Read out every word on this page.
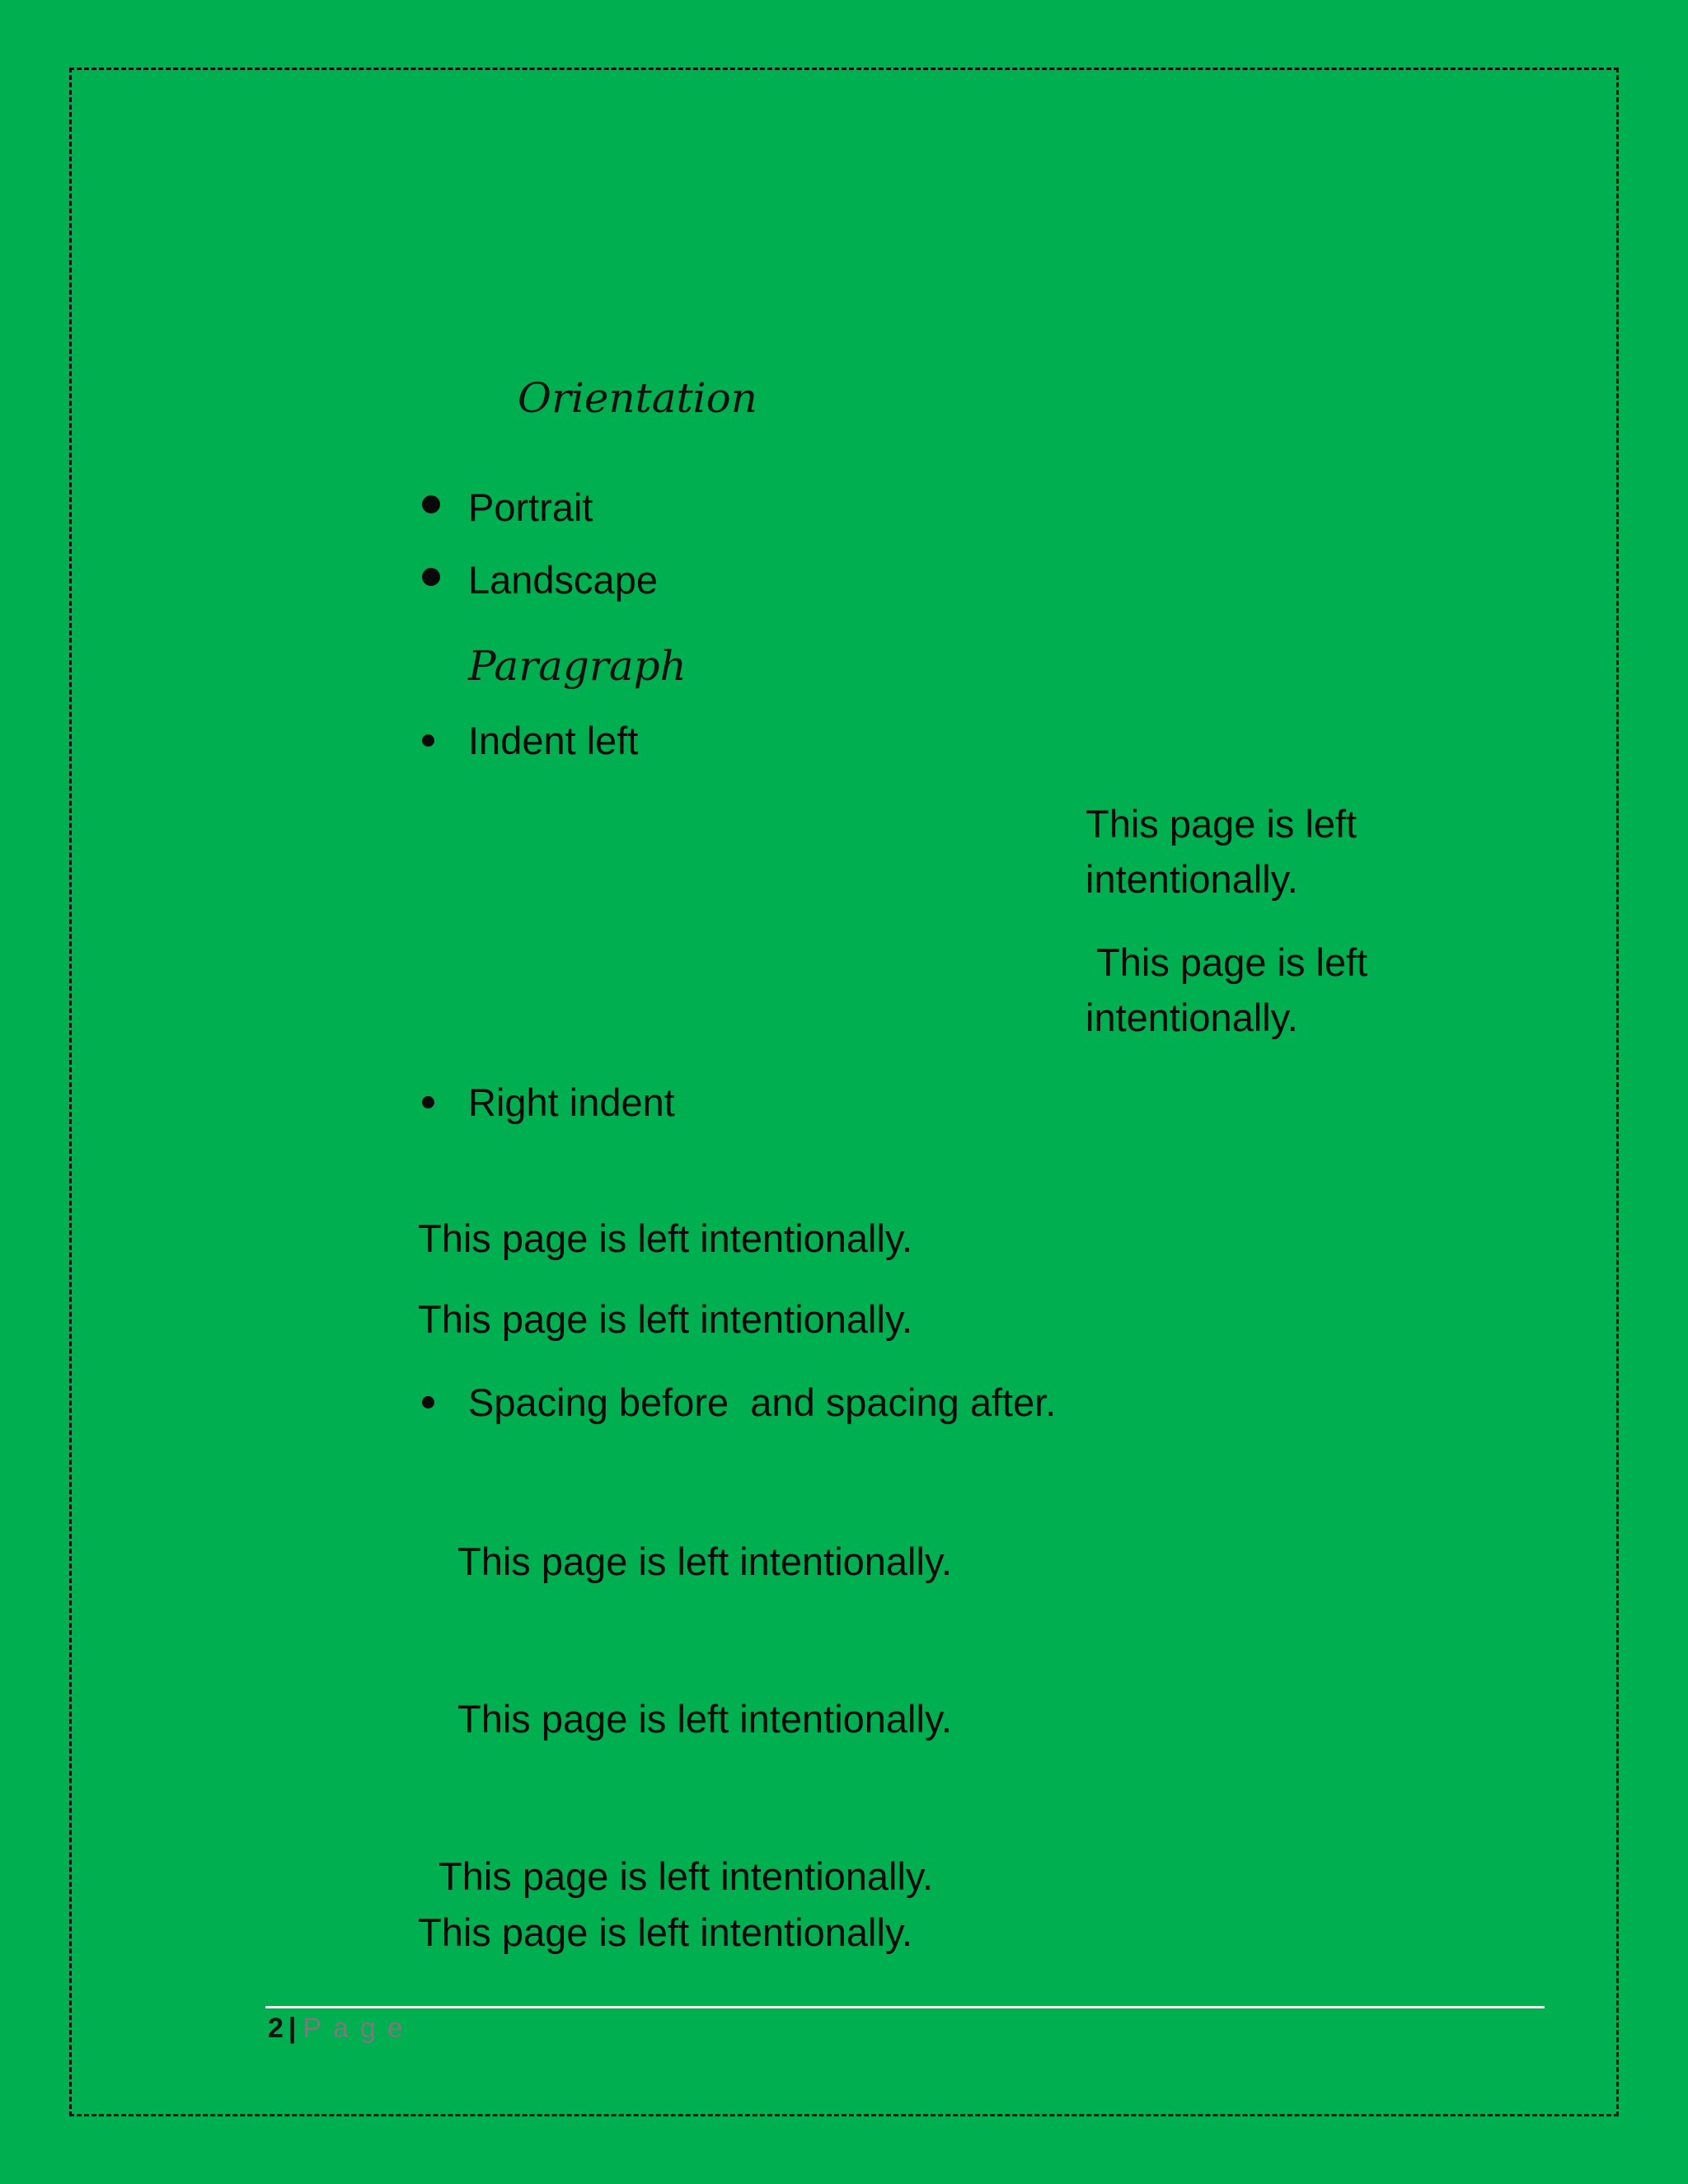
Orientation

Portrait

Landscape

Paragraph

Indent left

This page is left intentionally.
This page is left intentionally.

Right indent

This page is left intentionally.

This page is left intentionally.

Spacing before  and spacing after.

This page is left intentionally.

This page is left intentionally.

This page is left intentionally.

This page is left intentionally.

2 | Page
